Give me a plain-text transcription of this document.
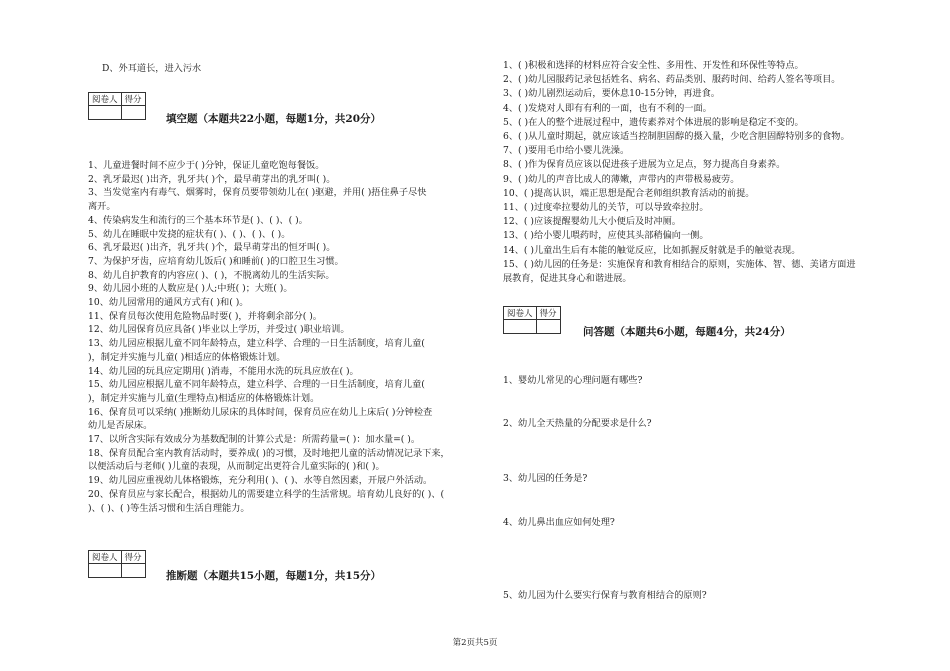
D、外耳道长，进入污水
阅卷人	得分

填空题（本题共22小题，每题1分，共20分）
1、儿童进餐时间不应少于( )分钟，保证儿童吃饱每餐饭。
2、乳牙最迟( )出齐，乳牙共( )个，最早萌芽出的乳牙叫( )。
3、当发觉室内有毒气、烟雾时，保育员要带领幼儿在( )驱避，并用( )捂住鼻子尽快
离开。
4、传染病发生和流行的三个基本环节是( )、( )、( )。
5、幼儿在睡眠中发挠的症状有( )、( )、( )、( )。
6、乳牙最迟( )出齐，乳牙共( )个，最早萌芽出的恒牙叫( )。
7、为保护牙齿，应培育幼儿饭后( )和睡前( )的口腔卫生习惯。
8、幼儿自护教育的内容应( )、( )，不脱离幼儿的生活实际。
9、幼儿园小班的人数应是( )人;中班( )；大班( )。
10、幼儿园常用的通风方式有( )和( )。
11、保育员每次使用危险物品时要( )，并将剩余部分( )。
12、幼儿园保育员应具备( )毕业以上学历，并受过( )职业培训。
13、幼儿园应根据儿童不同年龄特点，建立科学、合理的一日生活制度，培育儿童(
)，制定并实施与儿童( )相适应的体格锻炼计划。
14、幼儿园的玩具应定期用( )消毒，不能用水洗的玩具应放在( )。
15、幼儿园应根据儿童不同年龄特点，建立科学、合理的一日生活制度，培育儿童(
)，制定并实施与儿童(生理特点)相适应的体格锻炼计划。
16、保育员可以采纳( )推断幼儿尿床的具体时间，保育员应在幼儿上床后( )分钟检查
幼儿是否尿床。
17、以所含实际有效成分为基数配制的计算公式是：所需药量=( )：加水量=( )。
18、保育员配合室内教育活动时，要养成( )的习惯，及时地把儿童的活动情况记录下来，
以便活动后与老师( )儿童的表现，从而制定出更符合儿童实际的( )和( )。
19、幼儿园应重视幼儿体格锻炼，充分利用( )、( )、水等自然因素，开展户外活动。
20、保育员应与家长配合，根据幼儿的需要建立科学的生活常规。培育幼儿良好的( )、(
)、( )、( )等生活习惯和生活自理能力。
阅卷人	得分

推断题（本题共15小题，每题1分，共15分）
1、( )积极和选择的材料应符合安全性、多用性、开发性和环保性等特点。
2、( )幼儿园服药记录包括姓名、病名、药品类别、服药时间、给药人签名等项目。
3、( )幼儿剧烈运动后，要休息10-15分钟，再进食。
4、( )发烧对人即有有利的一面，也有不利的一面。
5、( )在人的整个进展过程中，遗传素养对个体进展的影响是稳定不变的。
6、( )从儿童时期起，就应该适当控制胆固醇的摄入量，少吃含胆固醇特别多的食物。
7、( )要用毛巾给小婴儿洗澡。
8、( )作为保育员应该以促进孩子进展为立足点，努力提高自身素养。
9、( )幼儿的声音比成人的薄嫩，声带内的声带极易疲劳。
10、( )提高认识，端正思想是配合老师组织教育活动的前提。
11、( )过度牵拉婴幼儿的关节，可以导致牵拉肘。
12、( )应该提醒婴幼儿大小便后及时冲厕。
13、( )给小婴儿喂药时，应使其头部稍偏向一侧。
14、( )儿童出生后有本能的触觉反应，比如抓握反射就是手的触觉表现。
15、( )幼儿园的任务是：实施保育和教育相结合的原则，实施体、智、德、美诸方面进
展教育，促进其身心和谐进展。
阅卷人	得分

问答题（本题共6小题，每题4分，共24分）
1、婴幼儿常见的心理问题有哪些?
2、幼儿全天热量的分配要求是什么?
3、幼儿园的任务是?
4、幼儿鼻出血应如何处理?
5、幼儿园为什么要实行保育与教育相结合的原则?
第2页共5页
